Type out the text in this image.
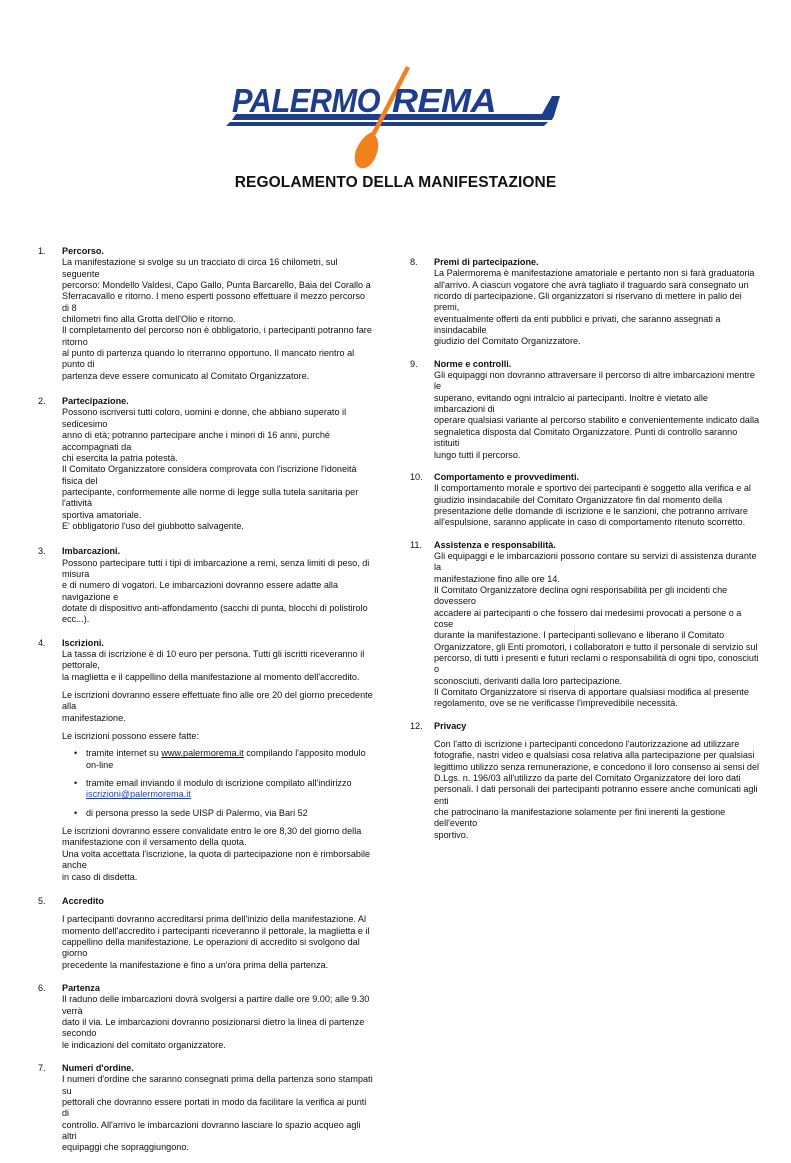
PALERMO REMA
REGOLAMENTO DELLA MANIFESTAZIONE
1. Percorso.
La manifestazione si svolge su un tracciato di circa 16 chilometri, sul seguente
percorso: Mondello Valdesi, Capo Gallo, Punta Barcarello, Baia del Corallo a
Sferracavallo e ritorno. I meno esperti possono effettuare il mezzo percorso di 8
chilometri fino alla Grotta dell'Olio e ritorno.
Il completamento del percorso non è obbligatorio, i partecipanti potranno fare ritorno
al punto di partenza quando lo riterranno opportuno. Il mancato rientro al punto di
partenza deve essere comunicato al Comitato Organizzatore.
2. Partecipazione.
Possono iscriversi tutti coloro, uomini e donne, che abbiano superato il sedicesimo
anno di età; potranno partecipare anche i minori di 16 anni, purché accompagnati da
chi esercita la patria potestà.
Il Comitato Organizzatore considera comprovata con l'iscrizione l'idoneità fisica del
partecipante, conformemente alle norme di legge sulla tutela sanitaria per l'attività
sportiva amatoriale.
E' obbligatorio l'uso del giubbotto salvagente.
3. Imbarcazioni.
Possono partecipare tutti i tipi di imbarcazione a remi, senza limiti di peso, di misura
e di numero di vogatori. Le imbarcazioni dovranno essere adatte alla navigazione e
dotate di dispositivo anti-affondamento (sacchi di punta, blocchi di polistirolo ecc...).
4. Iscrizioni.
La tassa di iscrizione è di 10 euro per persona. Tutti gli iscritti riceveranno il pettorale,
la maglietta e il cappellino della manifestazione al momento dell'accredito.
Le iscrizioni dovranno essere effettuate fino alle ore 20 del giorno precedente alla
manifestazione.
Le iscrizioni possono essere fatte:
• tramite internet su www.palermorema.it compilando l'apposito modulo on-line
• tramite email inviando il modulo di iscrizione compilato all'indirizzo
iscrizioni@palermorema.it
• di persona presso la sede UISP di Palermo, via Bari 52
Le iscrizioni dovranno essere convalidate entro le ore 8,30 del giorno della
manifestazione con il versamento della quota.
Una volta accettata l'iscrizione, la quota di partecipazione non è rimborsabile anche
in caso di disdetta.
5. Accredito
I partecipanti dovranno accreditarsi prima dell'inizio della manifestazione. Al
momento dell'accredito i partecipanti riceveranno il pettorale, la maglietta e il
cappellino della manifestazione. Le operazioni di accredito si svolgono dal giorno
precedente la manifestazione e fino a un'ora prima della partenza.
6. Partenza
Il raduno delle imbarcazioni dovrà svolgersi a partire dalle ore 9.00; alle 9.30 verrà
dato il via. Le imbarcazioni dovranno posizionarsi dietro la linea di partenze secondo
le indicazioni del comitato organizzatore.
7. Numeri d'ordine.
I numeri d'ordine che saranno consegnati prima della partenza sono stampati su
pettorali che dovranno essere portati in modo da facilitare la verifica ai punti di
controllo. All'arrivo le imbarcazioni dovranno lasciare lo spazio acqueo agli altri
equipaggi che sopraggiungono.
8. Premi di partecipazione.
La Palermorema è manifestazione amatoriale e pertanto non si farà graduatoria
all'arrivo. A ciascun vogatore che avrà tagliato il traguardo sarà consegnato un
ricordo di partecipazione. Gli organizzatori si riservano di mettere in palio dei premi,
eventualmente offerti da enti pubblici e privati, che saranno assegnati a insindacabile
giudizio del Comitato Organizzatore.
9. Norme e controlli.
Gli equipaggi non dovranno attraversare il percorso di altre imbarcazioni mentre le
superano, evitando ogni intralcio ai partecipanti. Inoltre è vietato alle imbarcazioni di
operare qualsiasi variante al percorso stabilito e convenientemente indicato dalla
segnaletica disposta dal Comitato Organizzatore. Punti di controllo saranno istituiti
lungo tutti il percorso.
10. Comportamento e provvedimenti.
Il comportamento morale e sportivo dei partecipanti è soggetto alla verifica e al
giudizio insindacabile del Comitato Organizzatore fin dal momento della
presentazione delle domande di iscrizione e le sanzioni, che potranno arrivare
all'espulsione, saranno applicate in caso di comportamento ritenuto scorretto.
11. Assistenza e responsabilità.
Gli equipaggi e le imbarcazioni possono contare su servizi di assistenza durante la
manifestazione fino alle ore 14.
Il Comitato Organizzatore declina ogni responsabilità per gli incidenti che dovessero
accadere ai partecipanti o che fossero dai medesimi provocati a persone o a cose
durante la manifestazione. I partecipanti sollevano e liberano il Comitato
Organizzatore, gli Enti promotori, i collaboratori e tutto il personale di servizio sul
percorso, di tutti i presenti e futuri reclami o responsabilità di ogni tipo, conosciuti o
sconosciuti, derivanti dalla loro partecipazione.
Il Comitato Organizzatore si riserva di apportare qualsiasi modifica al presente
regolamento, ove se ne verificasse l'imprevedibile necessità.
12. Privacy
Con l'atto di iscrizione i partecipanti concedono l'autorizzazione ad utilizzare
fotografie, nastri video e qualsiasi cosa relativa alla partecipazione per qualsiasi
legittimo utilizzo senza remunerazione, e concedono il loro consenso ai sensi del
D.Lgs. n. 196/03 all'utilizzo da parte del Comitato Organizzatore dei loro dati
personali. I dati personali dei partecipanti potranno essere anche comunicati agli enti
che patrocinano la manifestazione solamente per fini inerenti la gestione dell'evento
sportivo.
